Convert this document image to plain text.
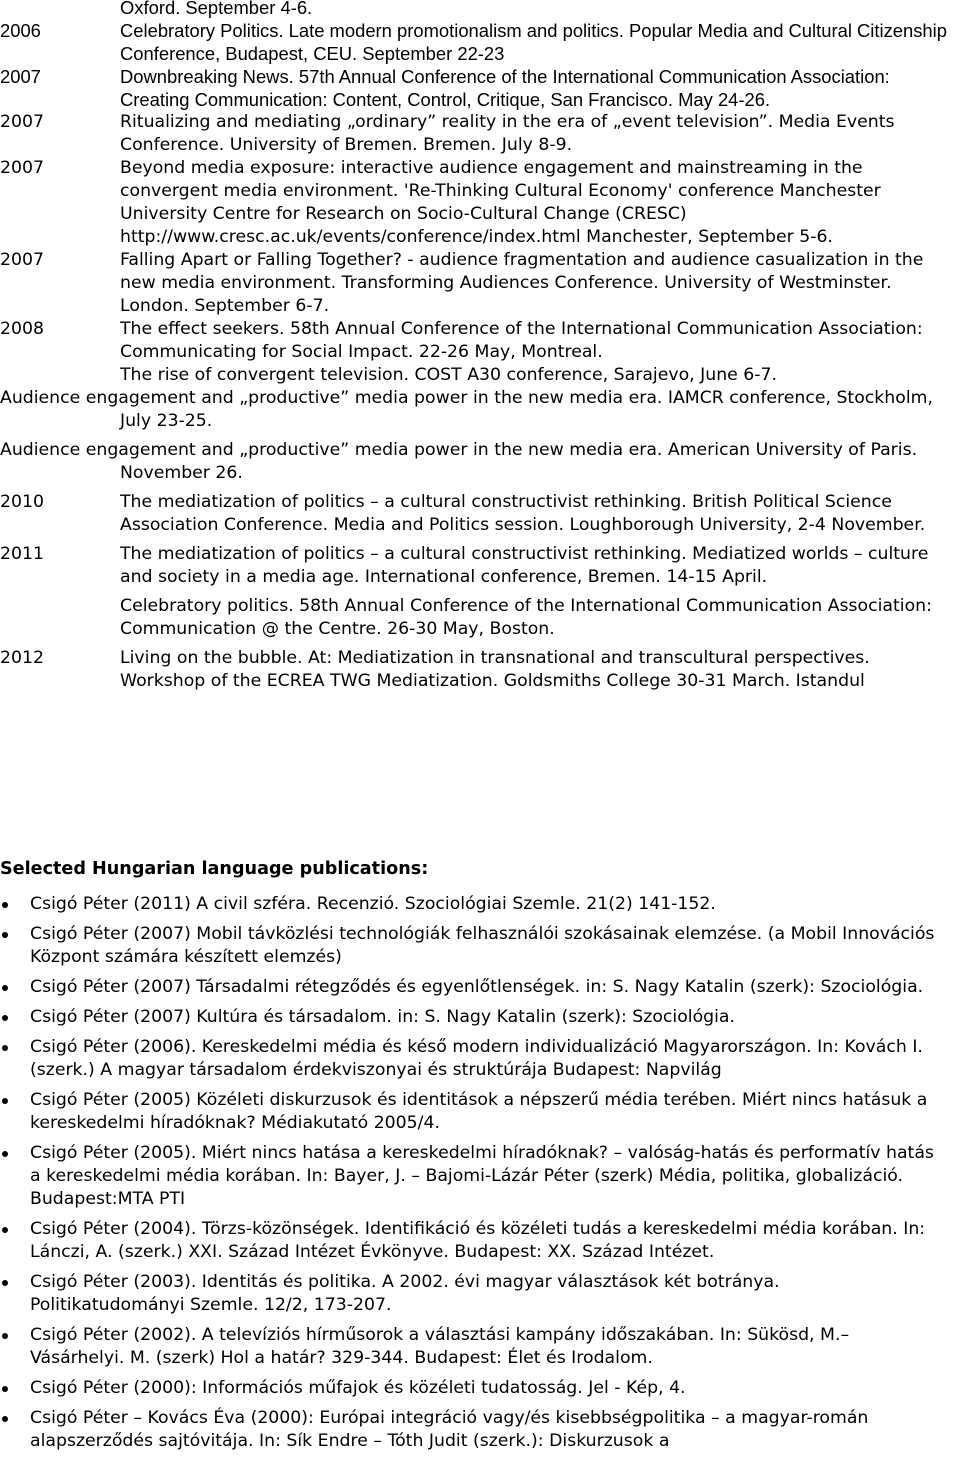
Oxford. September 4-6.
2006	Celebratory Politics. Late modern promotionalism and politics. Popular Media and Cultural Citizenship Conference, Budapest, CEU. September 22-23
2007	Downbreaking News. 57th Annual Conference of the International Communication Association: Creating Communication: Content, Control, Critique, San Francisco. May 24-26.
2007	Ritualizing and mediating „ordinary” reality in the era of „event television”. Media Events Conference. University of Bremen. Bremen. July 8-9.
2007	Beyond media exposure: interactive audience engagement and mainstreaming in the convergent media environment. 'Re-Thinking Cultural Economy' conference Manchester University Centre for Research on Socio-Cultural Change (CRESC) http://www.cresc.ac.uk/events/conference/index.html Manchester, September 5-6.
2007	Falling Apart or Falling Together? - audience fragmentation and audience casualization in the new media environment. Transforming Audiences Conference. University of Westminster. London. September 6-7.
2008	The effect seekers. 58th Annual Conference of the International Communication Association: Communicating for Social Impact. 22-26 May, Montreal.
The rise of convergent television. COST A30 conference, Sarajevo, June 6-7.

Audience engagement and „productive” media power in the new media era. IAMCR conference, Stockholm, July 23-25.

Audience engagement and „productive” media power in the new media era. American University of Paris. November 26.

2010	The mediatization of politics – a cultural constructivist rethinking. British Political Science Association Conference. Media and Politics session. Loughborough University, 2-4 November.
2011	The mediatization of politics – a cultural constructivist rethinking. Mediatized worlds – culture and society in a media age. International conference, Bremen. 14-15 April.
Celebratory politics. 58th Annual Conference of the International Communication Association: Communication @ the Centre. 26-30 May, Boston.
2012	Living on the bubble. At: Mediatization in transnational and transcultural perspectives. Workshop of the ECREA TWG Mediatization. Goldsmiths College 30-31 March. Istandul

Selected Hungarian language publications:

Csigó Péter (2011) A civil szféra. Recenzió. Szociológiai Szemle. 21(2) 141-152.
Csigó Péter (2007) Mobil távközlési technológiák felhasználói szokásainak elemzése. (a Mobil Innovációs Központ számára készített elemzés)
Csigó Péter (2007) Társadalmi rétegződés és egyenlőtlenségek. in: S. Nagy Katalin (szerk): Szociológia.
Csigó Péter (2007) Kultúra és társadalom. in: S. Nagy Katalin (szerk): Szociológia.
Csigó Péter (2006). Kereskedelmi média és késő modern individualizáció Magyarországon. In: Kovách I. (szerk.) A magyar társadalom érdekviszonyai és struktúrája Budapest: Napvilág
Csigó Péter (2005) Közéleti diskurzusok és identitások a népszerű média terében. Miért nincs hatásuk a kereskedelmi híradóknak? Médiakutató 2005/4.
Csigó Péter (2005). Miért nincs hatása a kereskedelmi híradóknak? – valóság-hatás és performatív hatás a kereskedelmi média korában. In: Bayer, J. – Bajomi-Lázár Péter (szerk) Média, politika, globalizáció. Budapest:MTA PTI
Csigó Péter (2004). Törzs-közönségek. Identifikáció és közéleti tudás a kereskedelmi média korában. In: Lánczi, A. (szerk.) XXI. Század Intézet Évkönyve. Budapest: XX. Század Intézet.
Csigó Péter (2003). Identitás és politika. A 2002. évi magyar választások két botránya. Politikatudományi Szemle. 12/2, 173-207.
Csigó Péter (2002). A televíziós hírműsorok a választási kampány időszakában. In: Sükösd, M.– Vásárhelyi. M. (szerk) Hol a határ? 329-344. Budapest: Élet és Irodalom.
Csigó Péter (2000): Információs műfajok és közéleti tudatosság. Jel - Kép, 4.
Csigó Péter – Kovács Éva (2000): Európai integráció vagy/és kisebbségpolitika – a magyar-román alapszerződés sajtóvitája. In: Sík Endre – Tóth Judit (szerk.): Diskurzusok a
